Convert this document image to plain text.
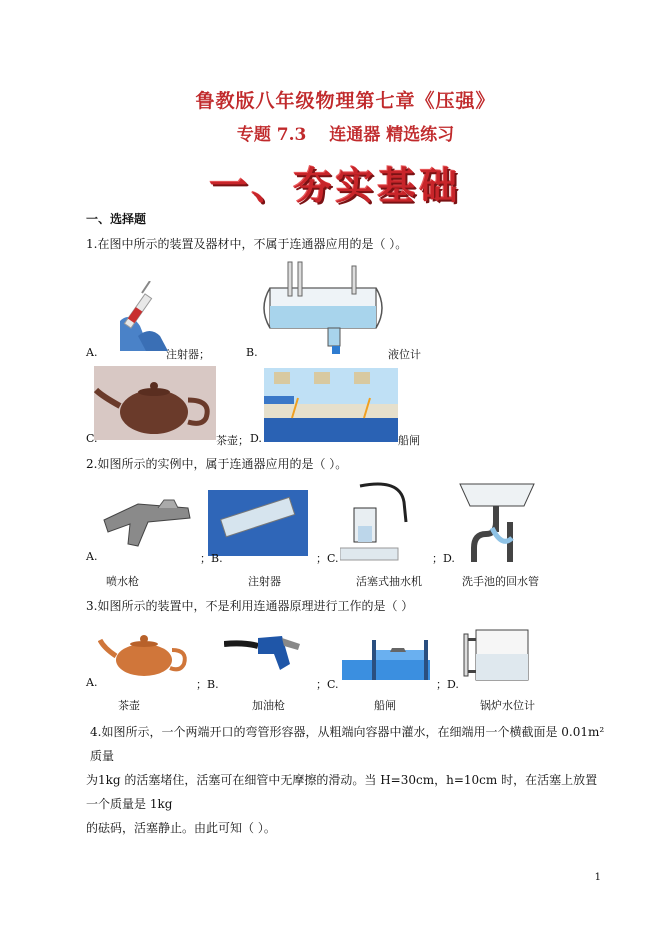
鲁教版八年级物理第七章《压强》
专题 7.3　 连通器 精选练习
一、夯实基础
一、选择题
1.在图中所示的装置及器材中，不属于连通器应用的是（ ）。
A.	注射器；	B.	液位计
C.	茶壶； D.	船闸
2.如图所示的实例中，属于连通器应用的是（ ）。
A.	；B.	；C.	；D.
喷水枪	注射器	活塞式抽水机	洗手池的回水管
3.如图所示的装置中，不是利用连通器原理进行工作的是（ ）
A.	；B.	；C.	；D.
茶壶	加油枪	船闸	锅炉水位计
4.如图所示，一个两端开口的弯管形容器，从粗端向容器中灌水，在细端用一个横截面是 0.01m² 质量
为1kg 的活塞堵住，活塞可在细管中无摩擦的滑动。当 H=30cm，h=10cm 时，在活塞上放置一个质量是 1kg
的砝码，活塞静止。由此可知（ ）。
1
